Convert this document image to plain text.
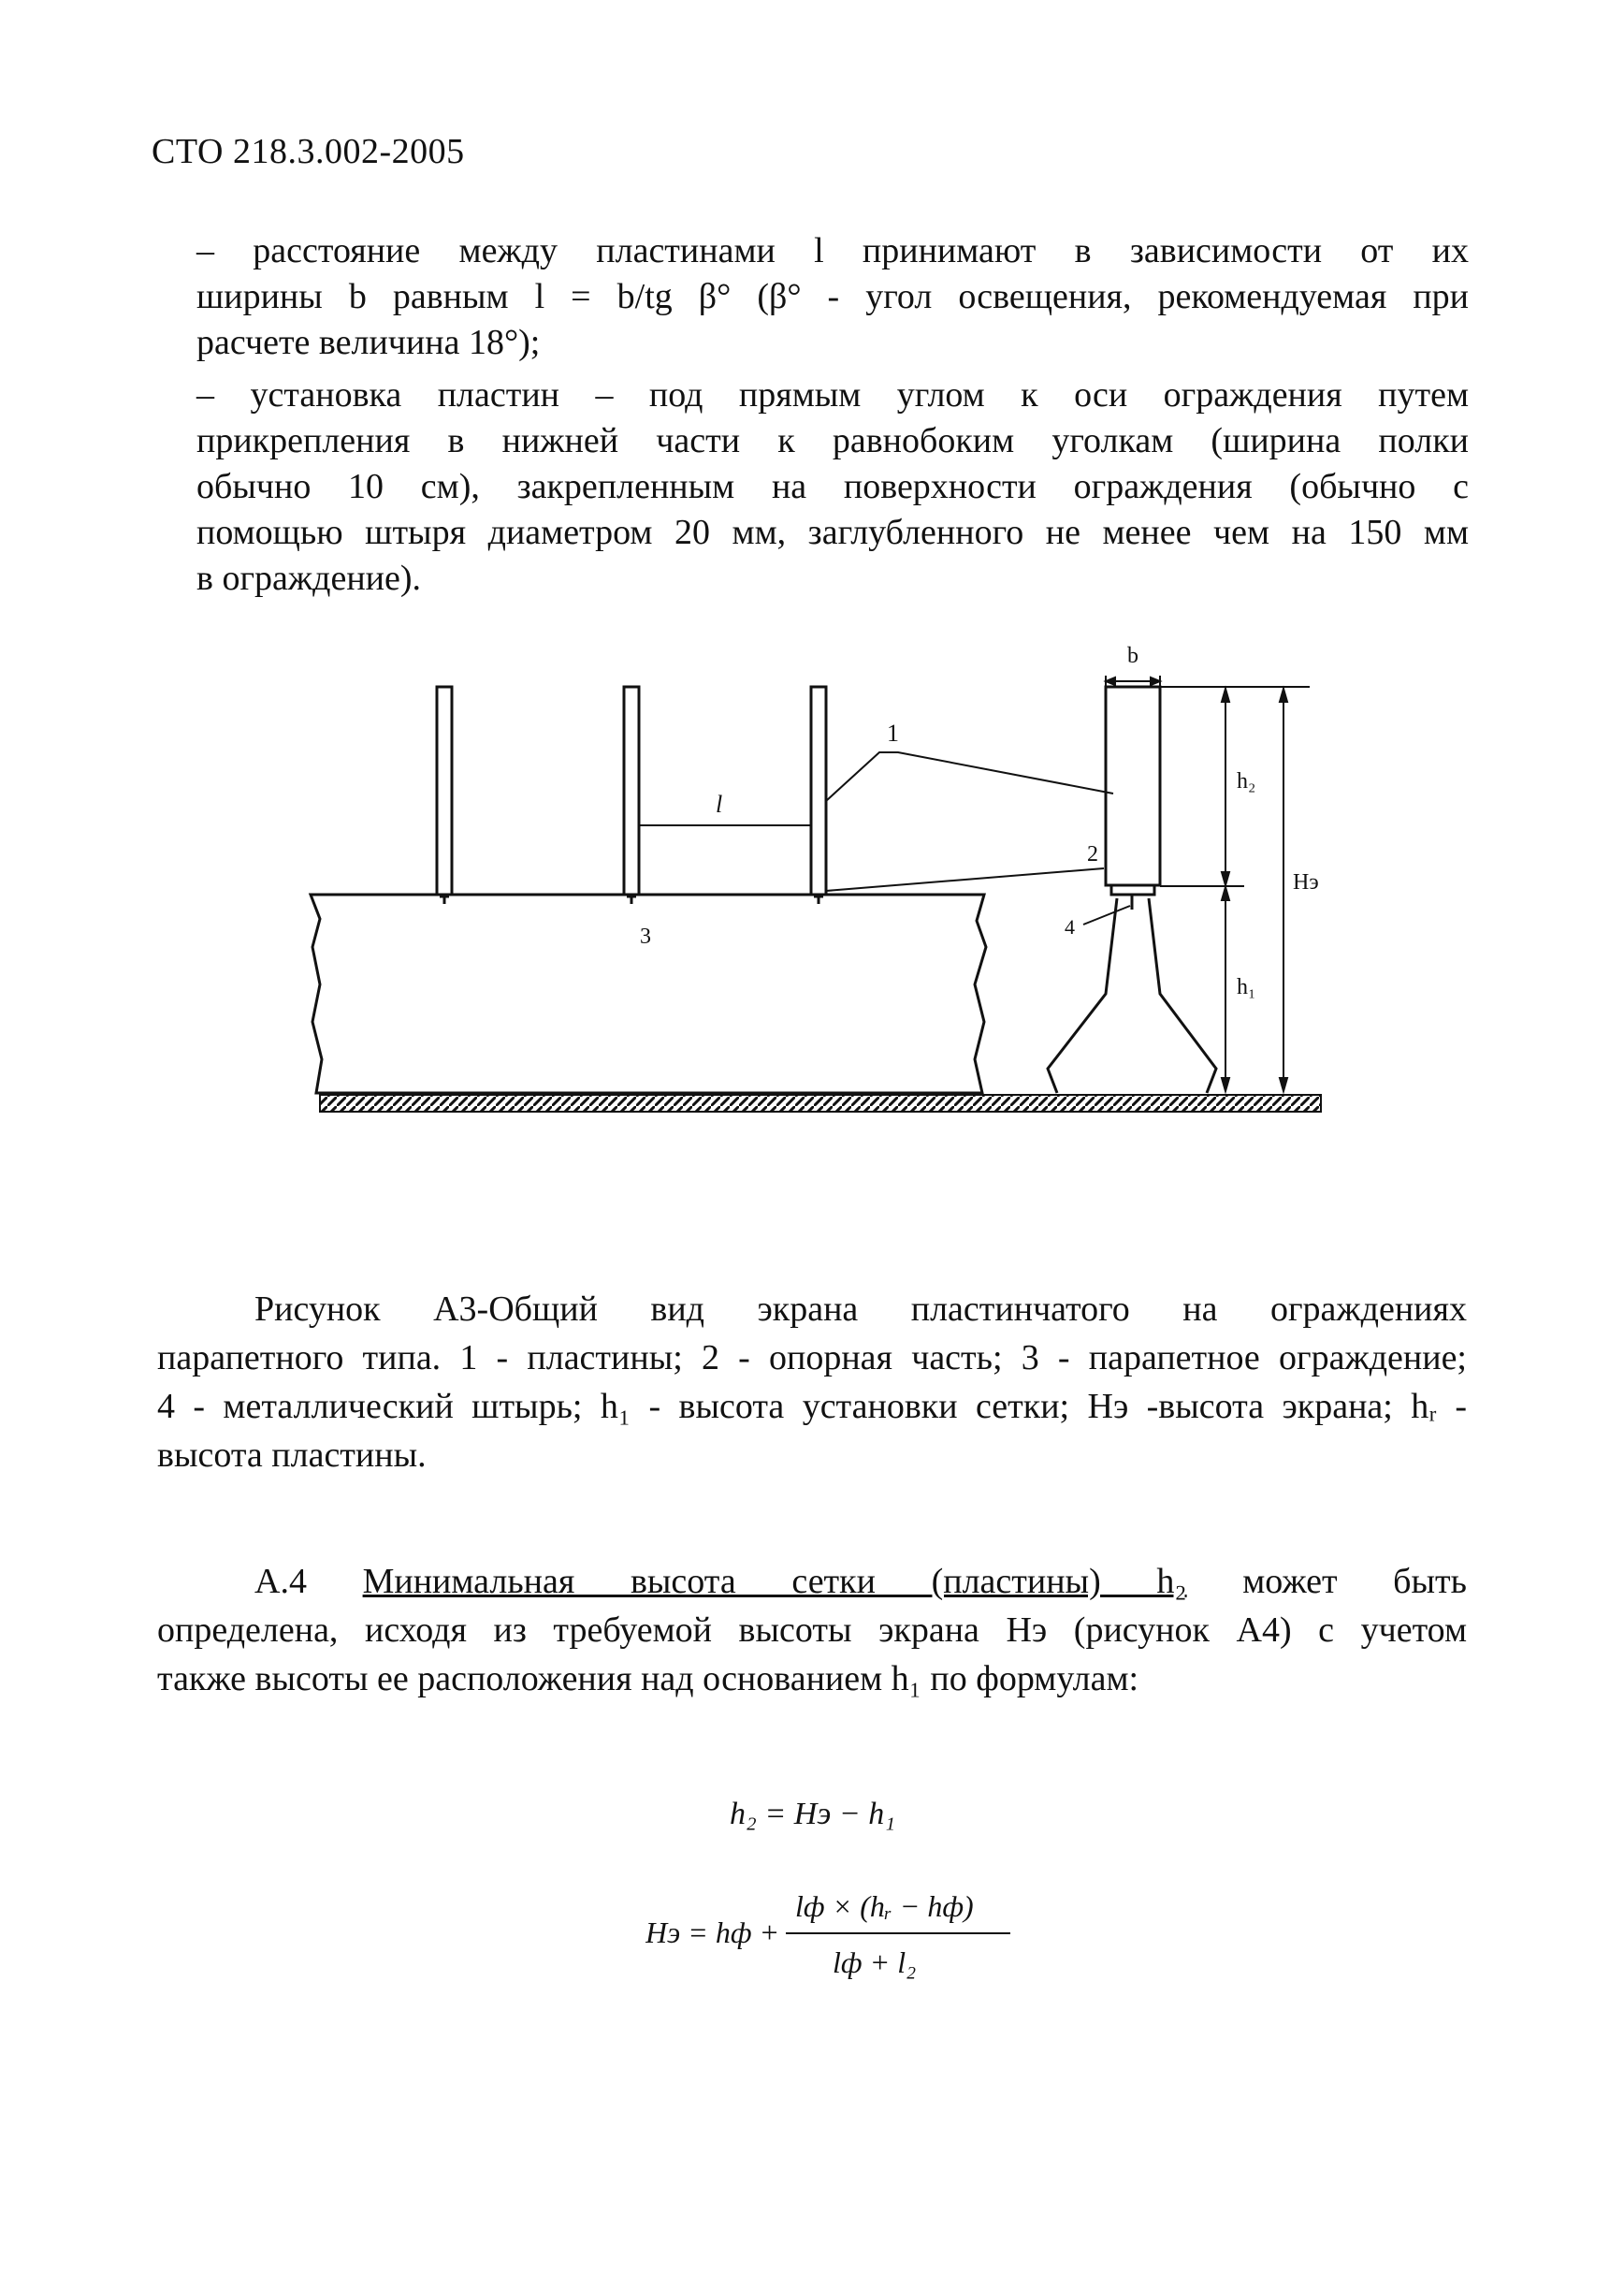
СТО 218.3.002-2005
– расстояние между пластинами l принимают в зависимости от их
ширины b равным l = b/tg β° (β° - угол освещения, рекомендуемая при
расчете величина 18°);
– установка пластин – под прямым углом к оси ограждения путем
прикрепления в нижней части к равнобоким уголкам (ширина полки
обычно 10 см), закрепленным на поверхности ограждения (обычно с
помощью штыря диаметром 20 мм, заглубленного не менее чем на 150 мм
в ограждение).
l
1
2
3	4
b
h₂
h₁
Hэ
Рисунок А3-Общий вид экрана пластинчатого на ограждениях
парапетного типа. 1 - пластины; 2 - опорная часть; 3 - парапетное ограждение;
4 - металлический штырь; h₁ - высота установки сетки; Hэ -высота экрана; hᵣ -
высота пластины.
А.4 Минимальная высота сетки (пластины) h₂ может быть
определена, исходя из требуемой высоты экрана Hэ (рисунок А4) с учетом
также высоты ее расположения над основанием h₁ по формулам:
h₂ = Hэ − h₁
Hэ = hф +
lф × (hᵣ − hф)
lф + l₂
